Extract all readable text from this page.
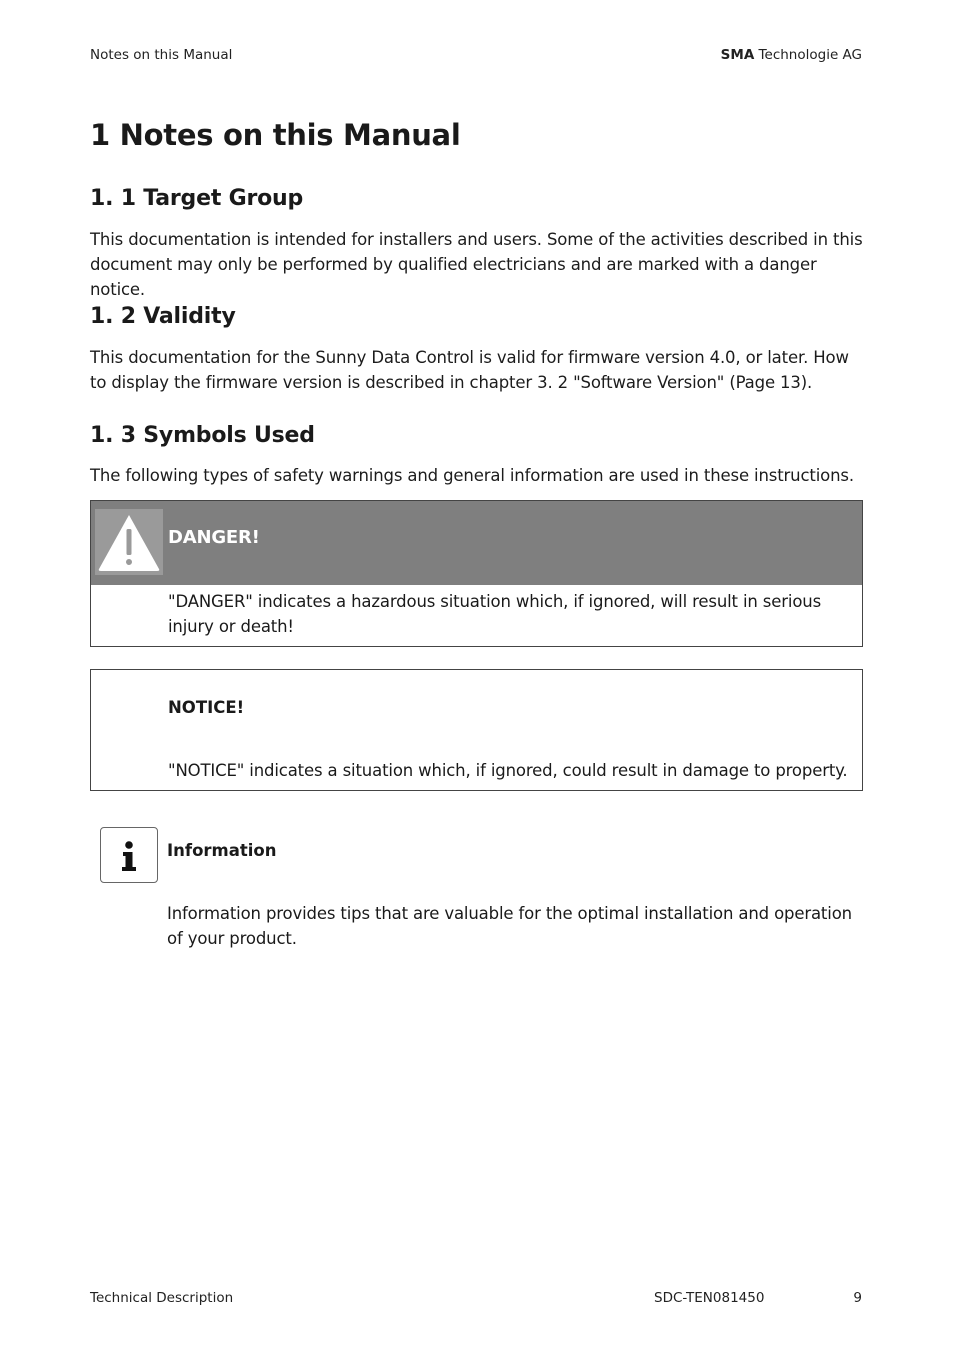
Notes on this Manual	SMA Technologie AG
1 Notes on this Manual
1. 1 Target Group
This documentation is intended for installers and users. Some of the activities described in this document may only be performed by qualified electricians and are marked with a danger notice.
1. 2 Validity
This documentation for the Sunny Data Control is valid for firmware version 4.0, or later. How to display the firmware version is described in chapter 3. 2 "Software Version" (Page 13).
1. 3 Symbols Used
The following types of safety warnings and general information are used in these instructions.
DANGER!
"DANGER" indicates a hazardous situation which, if ignored, will result in serious injury or death!
NOTICE!
"NOTICE" indicates a situation which, if ignored, could result in damage to property.
Information
Information provides tips that are valuable for the optimal installation and operation of your product.
Technical Description	SDC-TEN081450	9
